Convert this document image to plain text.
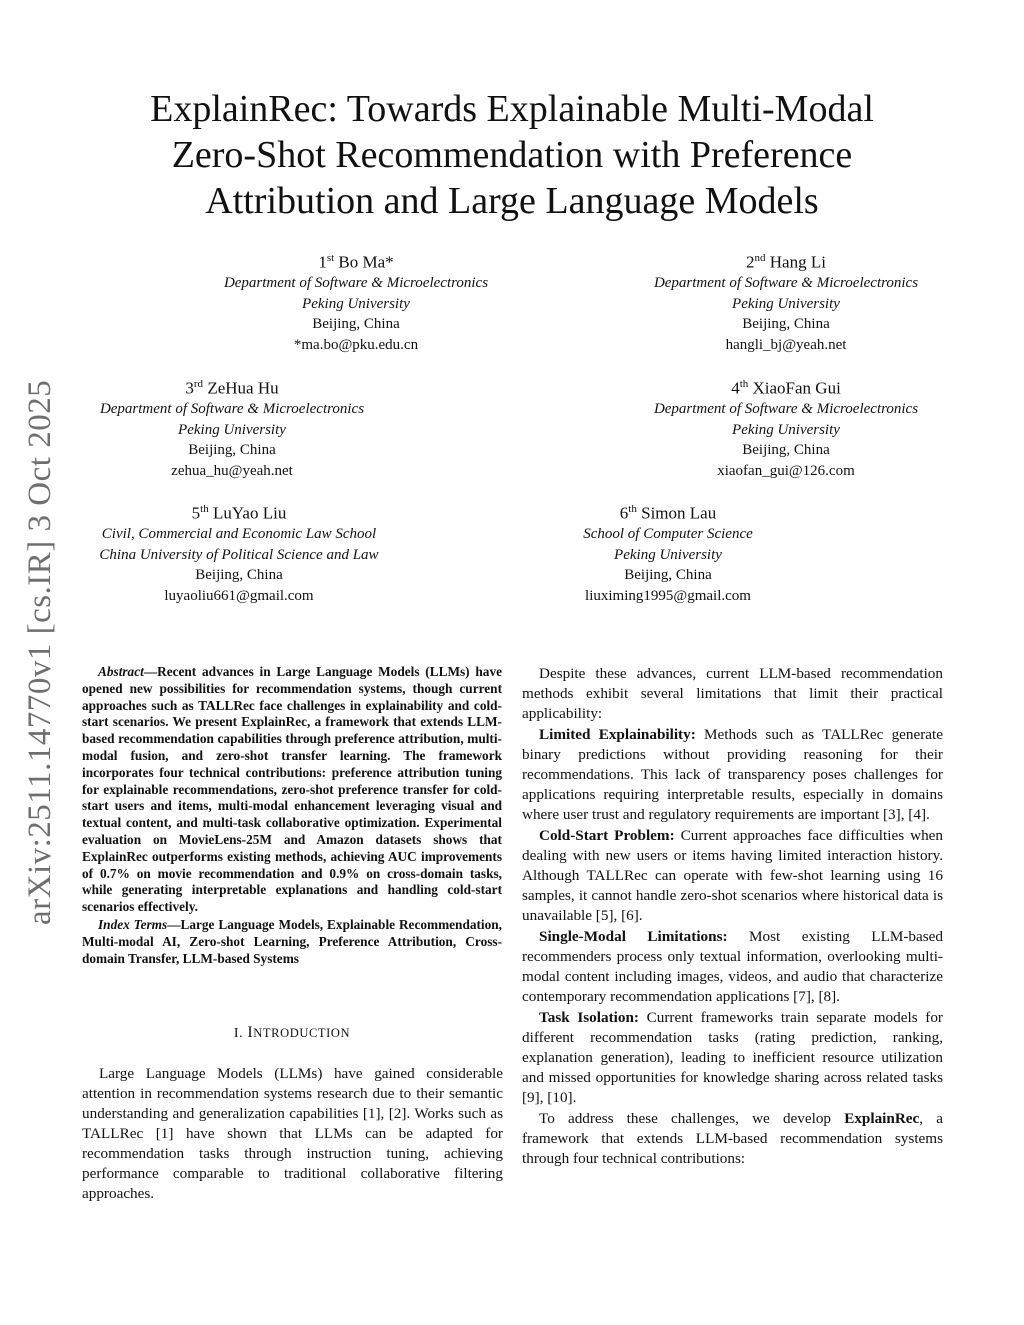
arXiv:2511.14770v1 [cs.IR] 3 Oct 2025
ExplainRec: Towards Explainable Multi-Modal
Zero-Shot Recommendation with Preference
Attribution and Large Language Models
1st Bo Ma*
Department of Software & Microelectronics
Peking University
Beijing, China
*ma.bo@pku.edu.cn
2nd Hang Li
Department of Software & Microelectronics
Peking University
Beijing, China
hangli_bj@yeah.net
3rd ZeHua Hu
Department of Software & Microelectronics
Peking University
Beijing, China
zehua_hu@yeah.net
4th XiaoFan Gui
Department of Software & Microelectronics
Peking University
Beijing, China
xiaofan_gui@126.com
5th LuYao Liu
Civil, Commercial and Economic Law School
China University of Political Science and Law
Beijing, China
luyaoliu661@gmail.com
6th Simon Lau
School of Computer Science
Peking University
Beijing, China
liuximing1995@gmail.com

Abstract—Recent advances in Large Language Models (LLMs) have opened new possibilities for recommendation systems, though current approaches such as TALLRec face challenges in explainability and cold-start scenarios. We present ExplainRec, a framework that extends LLM-based recommendation capabilities through preference attribution, multi-modal fusion, and zero-shot transfer learning. The framework incorporates four technical contributions: preference attribution tuning for explainable recommendations, zero-shot preference transfer for cold-start users and items, multi-modal enhancement leveraging visual and textual content, and multi-task collaborative optimization. Experimental evaluation on MovieLens-25M and Amazon datasets shows that ExplainRec outperforms existing methods, achieving AUC improvements of 0.7% on movie recommendation and 0.9% on cross-domain tasks, while generating interpretable explanations and handling cold-start scenarios effectively.

Index Terms—Large Language Models, Explainable Recommendation, Multi-modal AI, Zero-shot Learning, Preference Attribution, Cross-domain Transfer, LLM-based Systems

I. INTRODUCTION

Large Language Models (LLMs) have gained considerable attention in recommendation systems research due to their semantic understanding and generalization capabilities [1], [2]. Works such as TALLRec [1] have shown that LLMs can be adapted for recommendation tasks through instruction tuning, achieving performance comparable to traditional collaborative filtering approaches.

Despite these advances, current LLM-based recommendation methods exhibit several limitations that limit their practical applicability:

Limited Explainability: Methods such as TALLRec generate binary predictions without providing reasoning for their recommendations. This lack of transparency poses challenges for applications requiring interpretable results, especially in domains where user trust and regulatory requirements are important [3], [4].

Cold-Start Problem: Current approaches face difficulties when dealing with new users or items having limited interaction history. Although TALLRec can operate with few-shot learning using 16 samples, it cannot handle zero-shot scenarios where historical data is unavailable [5], [6].

Single-Modal Limitations: Most existing LLM-based recommenders process only textual information, overlooking multi-modal content including images, videos, and audio that characterize contemporary recommendation applications [7], [8].

Task Isolation: Current frameworks train separate models for different recommendation tasks (rating prediction, ranking, explanation generation), leading to inefficient resource utilization and missed opportunities for knowledge sharing across related tasks [9], [10].

To address these challenges, we develop ExplainRec, a framework that extends LLM-based recommendation systems through four technical contributions:
